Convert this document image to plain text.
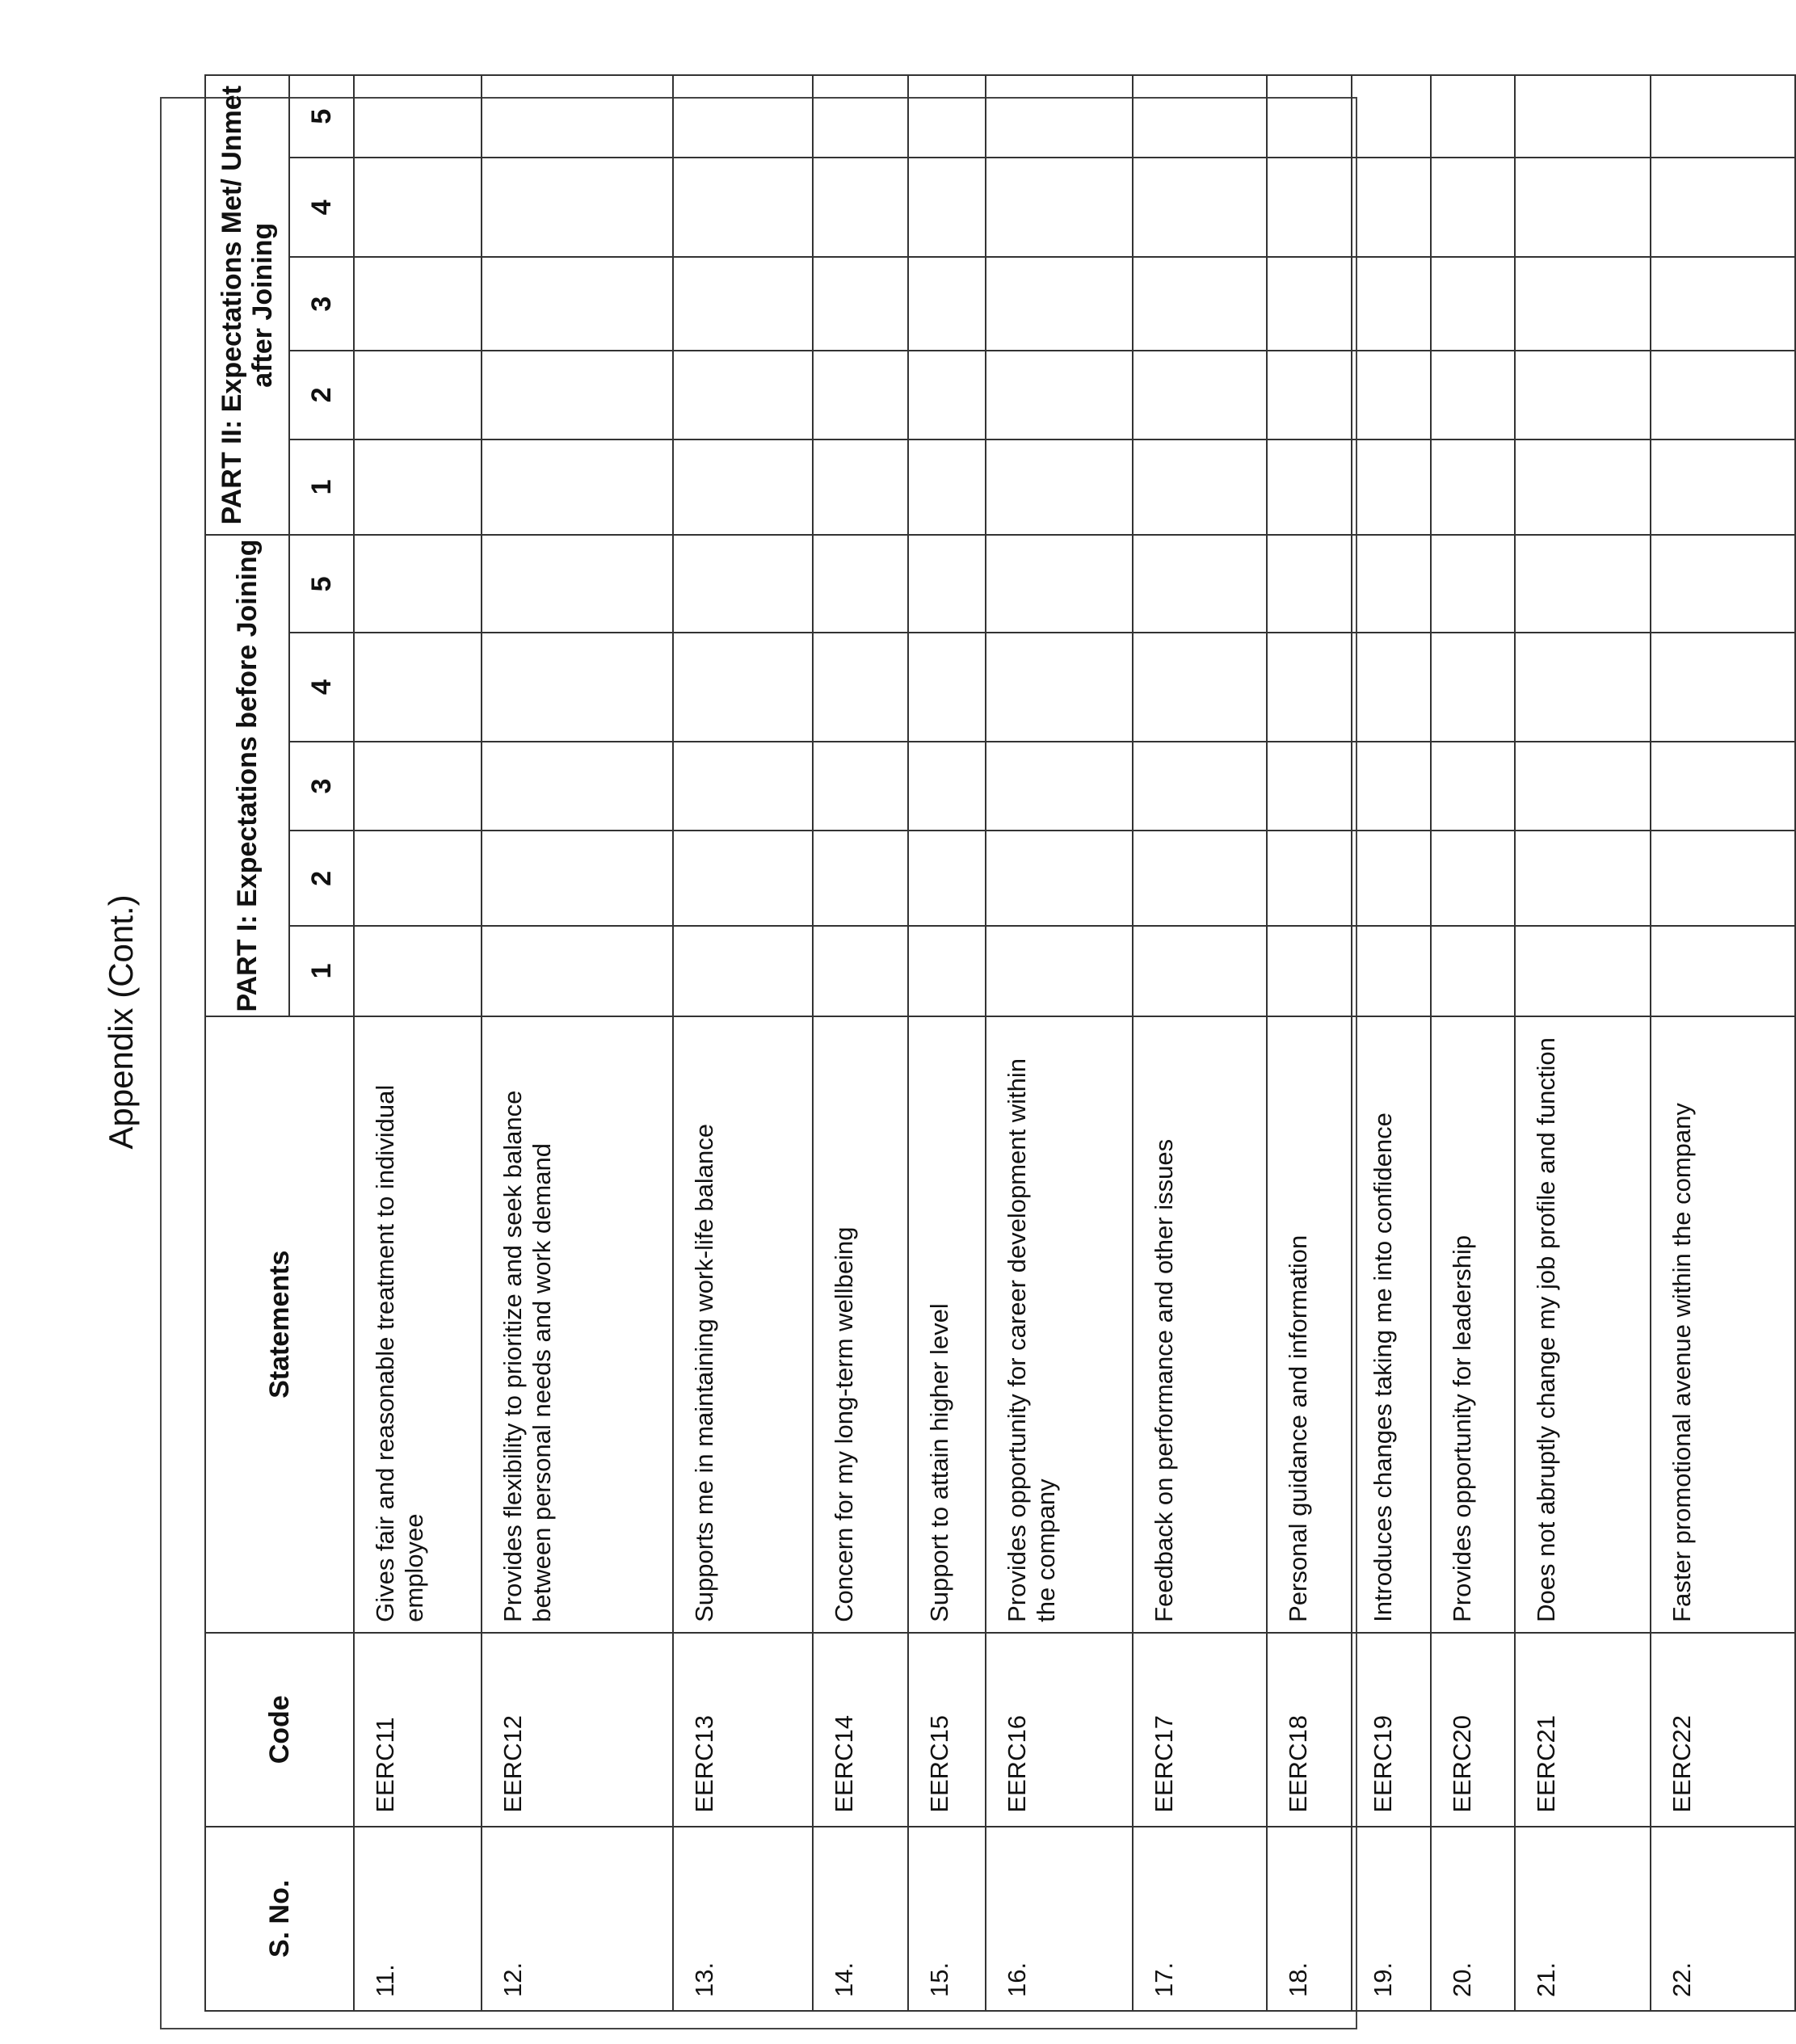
Appendix (Cont.)
S. No.	Code	Statements	PART I: Expectations before Joining					PART II: Expectations Met/ Unmet after Joining				
			1	2	3	4	5	1	2	3	4	5
11.	EERC11	Gives fair and reasonable treatment to individual employee										
12.	EERC12	Provides flexibility to prioritize and seek balance between personal needs and work demand										
13.	EERC13	Supports me in maintaining work-life balance										
14.	EERC14	Concern for my long-term wellbeing										
15.	EERC15	Support to attain higher level										
16.	EERC16	Provides opportunity for career development within the company										
17.	EERC17	Feedback on performance and other issues										
18.	EERC18	Personal guidance and information										
19.	EERC19	Introduces changes taking me into confidence										
20.	EERC20	Provides opportunity for leadership										
21.	EERC21	Does not abruptly change my job profile and function										
22.	EERC22	Faster promotional avenue within the company										
